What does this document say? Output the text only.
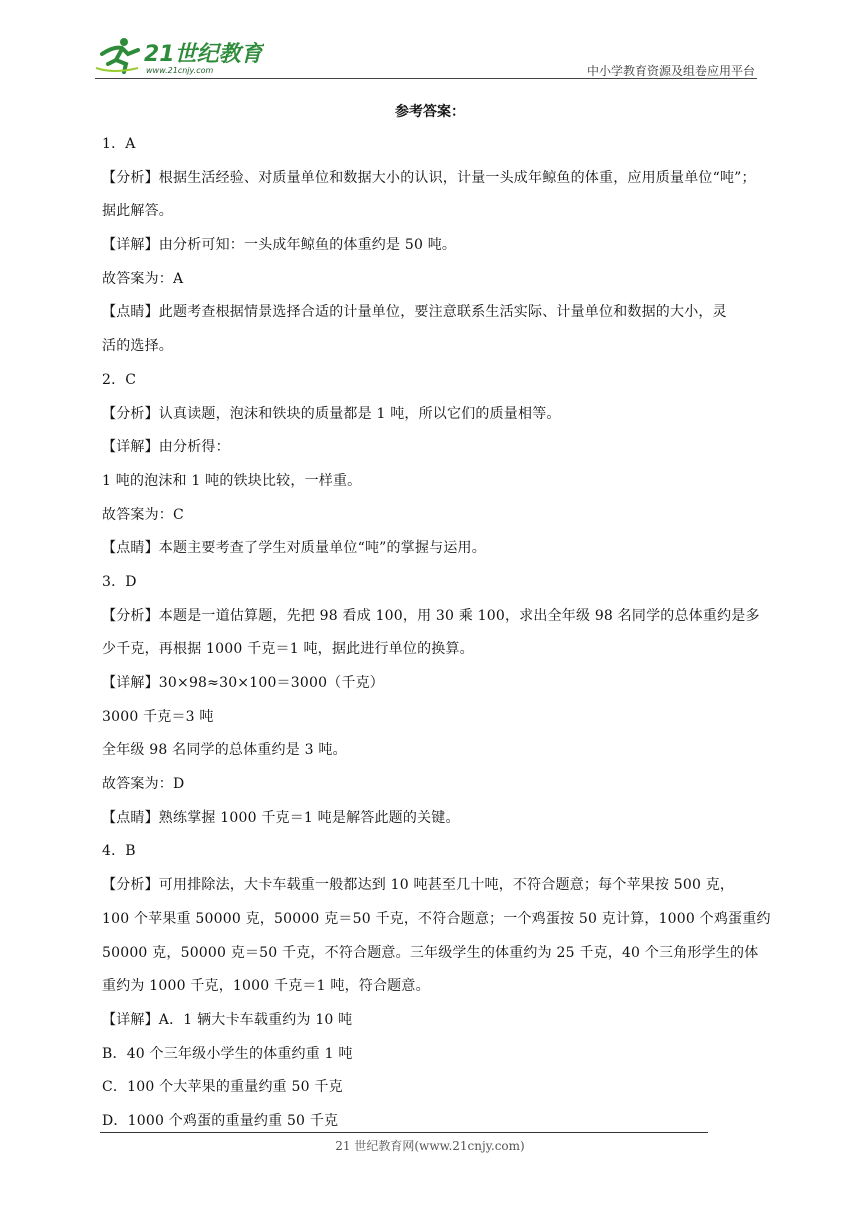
21世纪教育
www.21cnjy.com	中小学教育资源及组卷应用平台
参考答案：
1．A
【分析】根据生活经验、对质量单位和数据大小的认识，计量一头成年鲸鱼的体重，应用质量单位“吨”；
据此解答。
【详解】由分析可知：一头成年鲸鱼的体重约是 50 吨。
故答案为：A
【点睛】此题考查根据情景选择合适的计量单位，要注意联系生活实际、计量单位和数据的大小，灵
活的选择。
2．C
【分析】认真读题，泡沫和铁块的质量都是 1 吨，所以它们的质量相等。
【详解】由分析得：
1 吨的泡沫和 1 吨的铁块比较，一样重。
故答案为：C
【点睛】本题主要考查了学生对质量单位“吨”的掌握与运用。
3．D
【分析】本题是一道估算题，先把 98 看成 100，用 30 乘 100，求出全年级 98 名同学的总体重约是多
少千克，再根据 1000 千克＝1 吨，据此进行单位的换算。
【详解】30×98≈30×100＝3000（千克）
3000 千克＝3 吨
全年级 98 名同学的总体重约是 3 吨。
故答案为：D
【点睛】熟练掌握 1000 千克＝1 吨是解答此题的关键。
4．B
【分析】可用排除法，大卡车载重一般都达到 10 吨甚至几十吨，不符合题意；每个苹果按 500 克，
100 个苹果重 50000 克，50000 克＝50 千克，不符合题意；一个鸡蛋按 50 克计算，1000 个鸡蛋重约
50000 克，50000 克＝50 千克，不符合题意。三年级学生的体重约为 25 千克，40 个三角形学生的体
重约为 1000 千克，1000 千克＝1 吨，符合题意。
【详解】A．1 辆大卡车载重约为 10 吨
B．40 个三年级小学生的体重约重 1 吨
C．100 个大苹果的重量约重 50 千克
D．1000 个鸡蛋的重量约重 50 千克
21 世纪教育网(www.21cnjy.com)
